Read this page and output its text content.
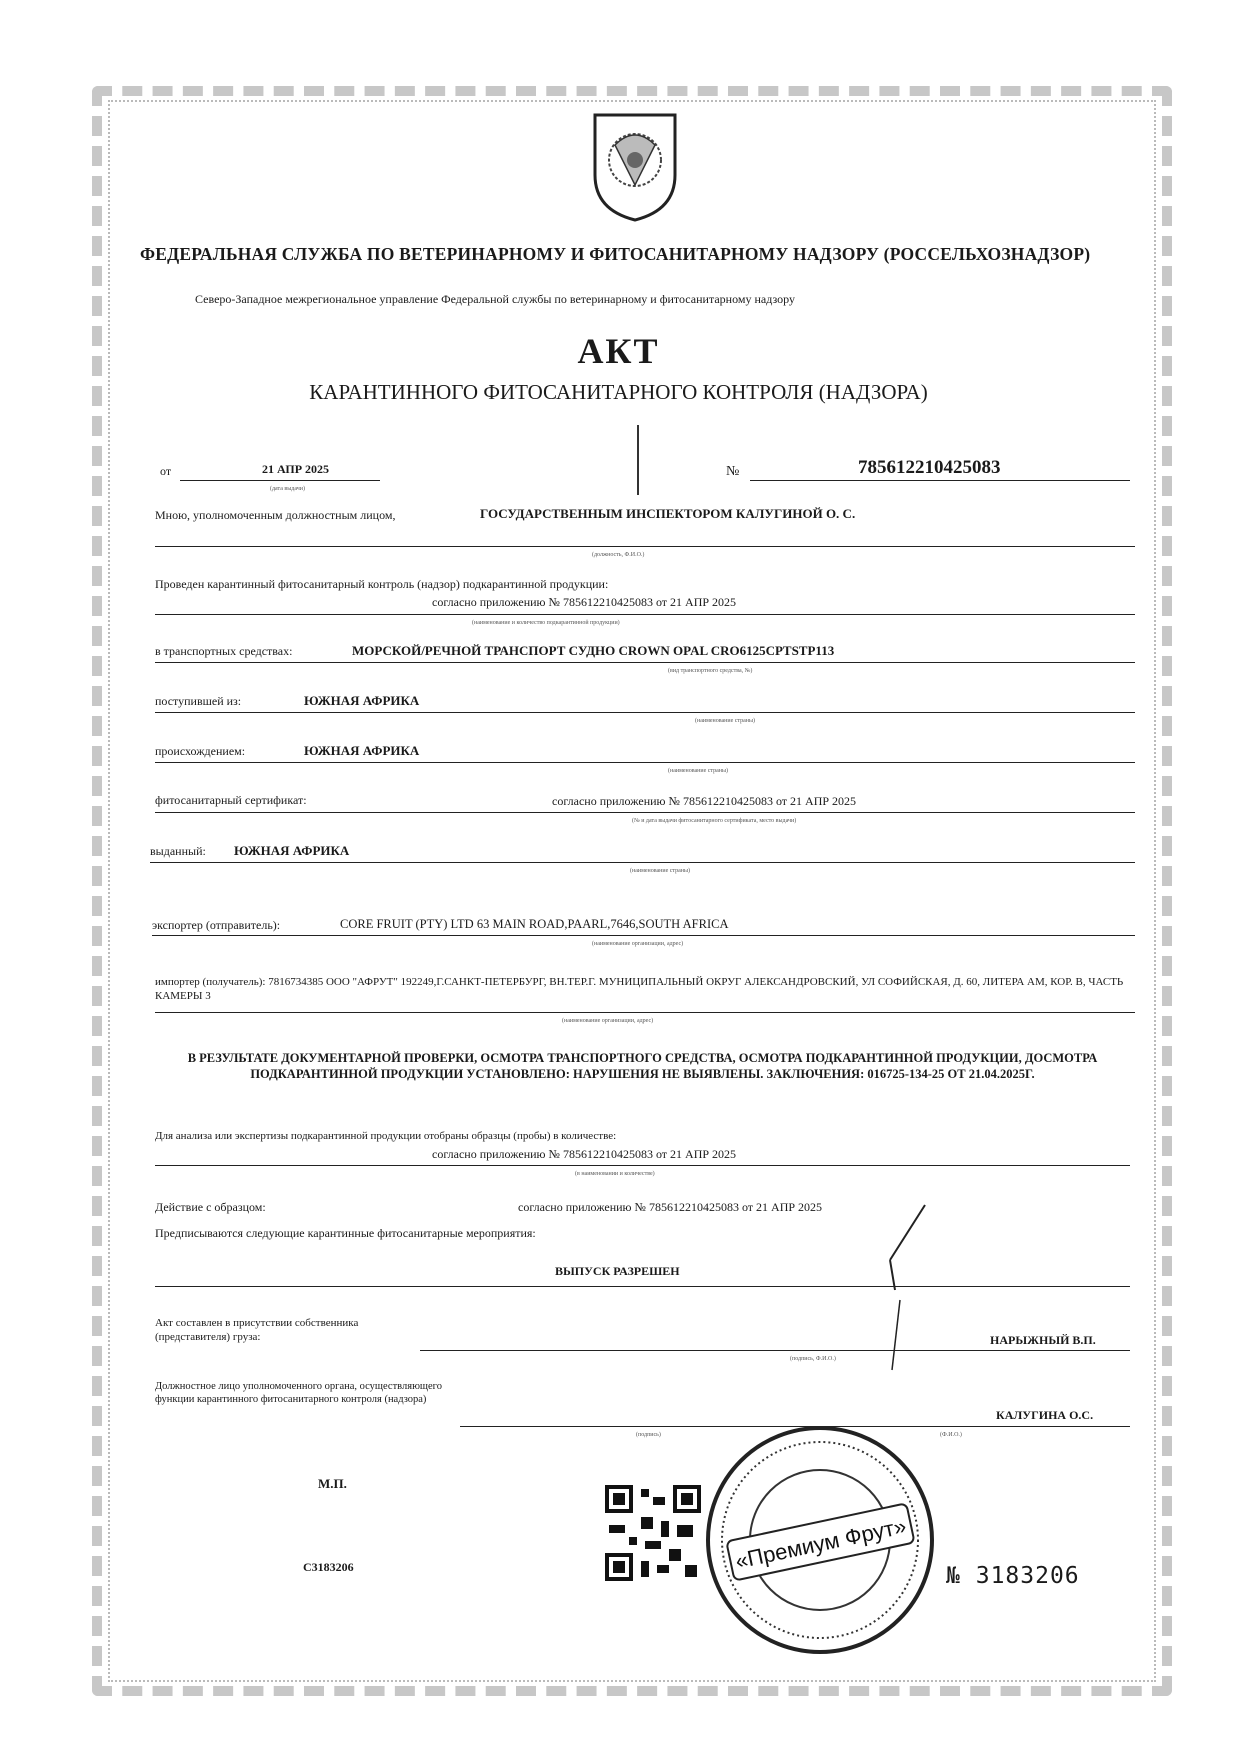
ФЕДЕРАЛЬНАЯ СЛУЖБА ПО ВЕТЕРИНАРНОМУ И ФИТОСАНИТАРНОМУ НАДЗОРУ (РОССЕЛЬХОЗНАДЗОР)
Северо-Западное межрегиональное управление Федеральной службы по ветеринарному и фитосанитарному надзору
АКТ
КАРАНТИННОГО ФИТОСАНИТАРНОГО КОНТРОЛЯ (НАДЗОРА)
от	21 АПР 2025
(дата выдачи)
№	785612210425083
Мною, уполномоченным должностным лицом,	ГОСУДАРСТВЕННЫМ ИНСПЕКТОРОМ КАЛУГИНОЙ О. С.
(должность, Ф.И.О.)
Проведен карантинный фитосанитарный контроль (надзор) подкарантинной продукции:
согласно приложению № 785612210425083 от 21 АПР 2025
(наименование и количество подкарантинной продукции)
в транспортных средствах:	МОРСКОЙ/РЕЧНОЙ ТРАНСПОРТ СУДНО CROWN OPAL CRO6125CPTSTP113
(вид транспортного средства, №)
поступившей из:	ЮЖНАЯ АФРИКА
(наименование страны)
происхождением:	ЮЖНАЯ АФРИКА
(наименование страны)
фитосанитарный сертификат:	согласно приложению № 785612210425083 от 21 АПР 2025
(№ и дата выдачи фитосанитарного сертификата, место выдачи)
выданный: ЮЖНАЯ АФРИКА
(наименование страны)
экспортер (отправитель):	CORE FRUIT (PTY) LTD 63 MAIN ROAD,PAARL,7646,SOUTH AFRICA
(наименование организации, адрес)
импортер (получатель): 7816734385 ООО "АФРУТ" 192249,Г.САНКТ-ПЕТЕРБУРГ, ВН.ТЕР.Г. МУНИЦИПАЛЬНЫЙ ОКРУГ АЛЕКСАНДРОВСКИЙ, УЛ СОФИЙСКАЯ, Д. 60, ЛИТЕРА АМ, КОР. В, ЧАСТЬ КАМЕРЫ 3
(наименование организации, адрес)
В РЕЗУЛЬТАТЕ ДОКУМЕНТАРНОЙ ПРОВЕРКИ, ОСМОТРА ТРАНСПОРТНОГО СРЕДСТВА, ОСМОТРА ПОДКАРАНТИННОЙ ПРОДУКЦИИ, ДОСМОТРА ПОДКАРАНТИННОЙ ПРОДУКЦИИ УСТАНОВЛЕНО: НАРУШЕНИЯ НЕ ВЫЯВЛЕНЫ. ЗАКЛЮЧЕНИЯ: 016725-134-25 ОТ 21.04.2025Г.
Для анализа или экспертизы подкарантинной продукции отобраны образцы (пробы) в количестве:
согласно приложению № 785612210425083 от 21 АПР 2025
(в наименовании и количестве)
Действие с образцом:	согласно приложению № 785612210425083 от 21 АПР 2025
Предписываются следующие карантинные фитосанитарные мероприятия:
ВЫПУСК РАЗРЕШЕН
Акт составлен в присутствии собственника (представителя) груза:	НАРЫЖНЫЙ В.П.
(подпись, Ф.И.О.)
Должностное лицо уполномоченного органа, осуществляющего функции карантинного фитосанитарного контроля (надзора)
КАЛУГИНА О.С.
(подпись)	(Ф.И.О.)
М.П.
C3183206	«Премиум Фрут»
№ 3183206
